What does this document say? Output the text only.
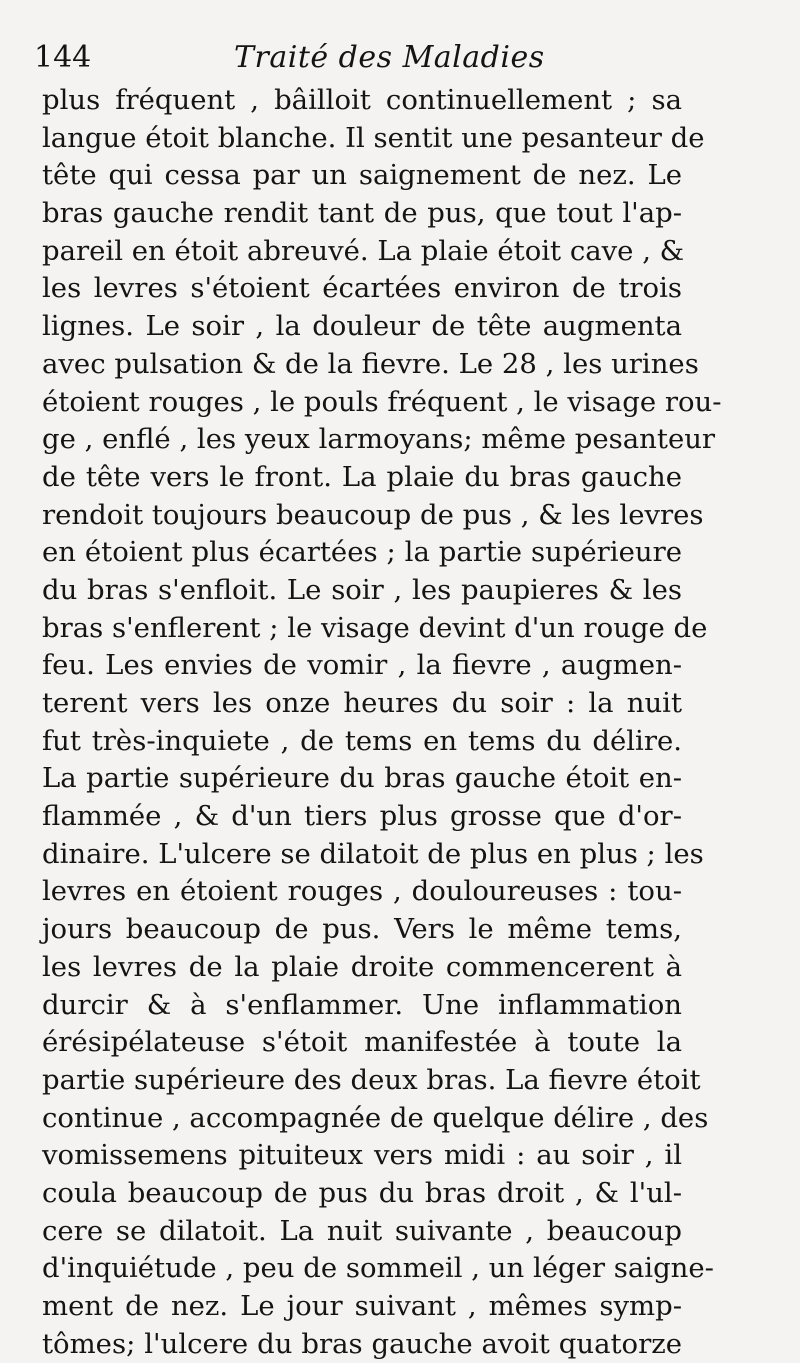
144	Traité des Maladies
plus fréquent , bâilloit continuellement ; sa
langue étoit blanche. Il sentit une pesanteur de
tête qui cessa par un saignement de nez. Le
bras gauche rendit tant de pus, que tout l'ap-
pareil en étoit abreuvé. La plaie étoit cave , &
les levres s'étoient écartées environ de trois
lignes. Le soir , la douleur de tête augmenta
avec pulsation & de la fievre. Le 28 , les urines
étoient rouges , le pouls fréquent , le visage rou-
ge , enflé , les yeux larmoyans; même pesanteur
de tête vers le front. La plaie du bras gauche
rendoit toujours beaucoup de pus , & les levres
en étoient plus écartées ; la partie supérieure
du bras s'enfloit. Le soir , les paupieres & les
bras s'enflerent ; le visage devint d'un rouge de
feu. Les envies de vomir , la fievre , augmen-
terent vers les onze heures du soir : la nuit
fut très-inquiete , de tems en tems du délire.
La partie supérieure du bras gauche étoit en-
flammée , & d'un tiers plus grosse que d'or-
dinaire. L'ulcere se dilatoit de plus en plus ; les
levres en étoient rouges , douloureuses : tou-
jours beaucoup de pus. Vers le même tems,
les levres de la plaie droite commencerent à
durcir & à s'enflammer. Une inflammation
érésipélateuse s'étoit manifestée à toute la
partie supérieure des deux bras. La fievre étoit
continue , accompagnée de quelque délire , des
vomissemens pituiteux vers midi : au soir , il
coula beaucoup de pus du bras droit , & l'ul-
cere se dilatoit. La nuit suivante , beaucoup
d'inquiétude , peu de sommeil , un léger saigne-
ment de nez. Le jour suivant , mêmes symp-
tômes; l'ulcere du bras gauche avoit quatorze
